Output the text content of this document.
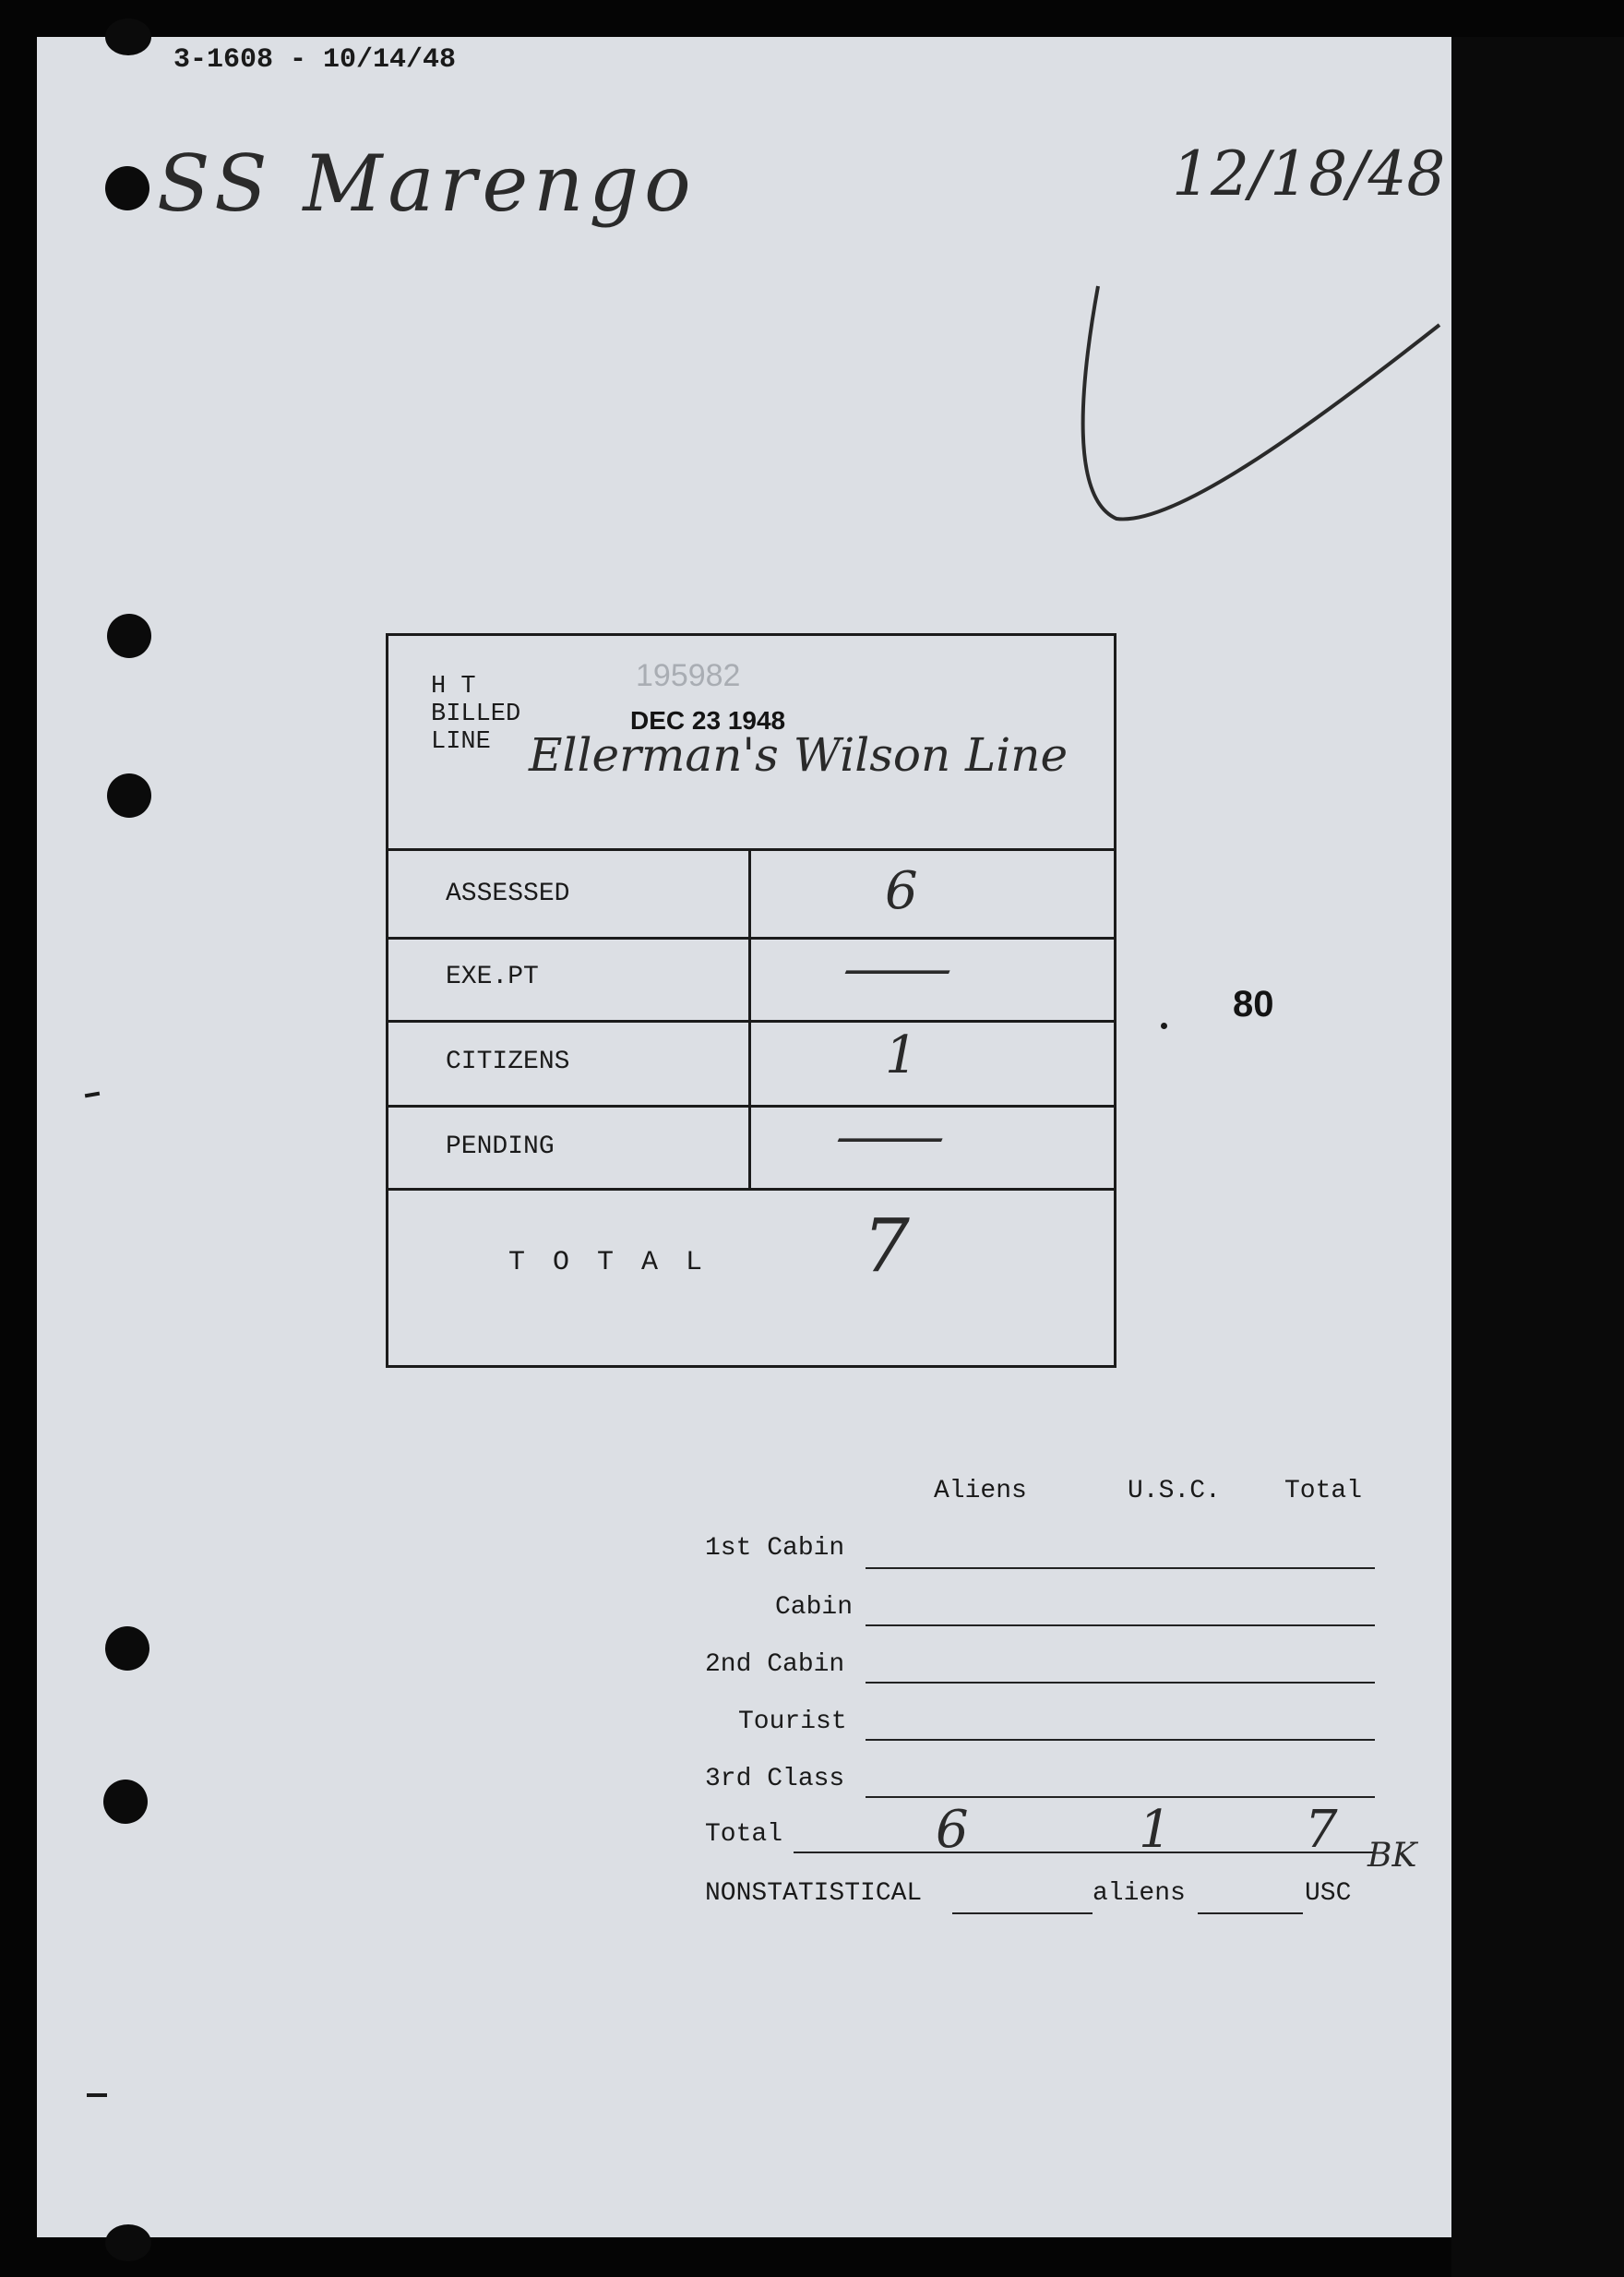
3-1608 - 10/14/48
SS Marengo	12/18/48
H T
BILLED
LINE
195982
DEC 23 1948
Ellerman's Wilson Line
ASSESSED	6
EXE.PT	—
CITIZENS	1
PENDING	—
T O T A L 7
80
Aliens	U.S.C. Total
1st Cabin
Cabin
2nd Cabin
Tourist
3rd Class
Total	6	1	7 BK
NONSTATISTICAL	aliens	USC
